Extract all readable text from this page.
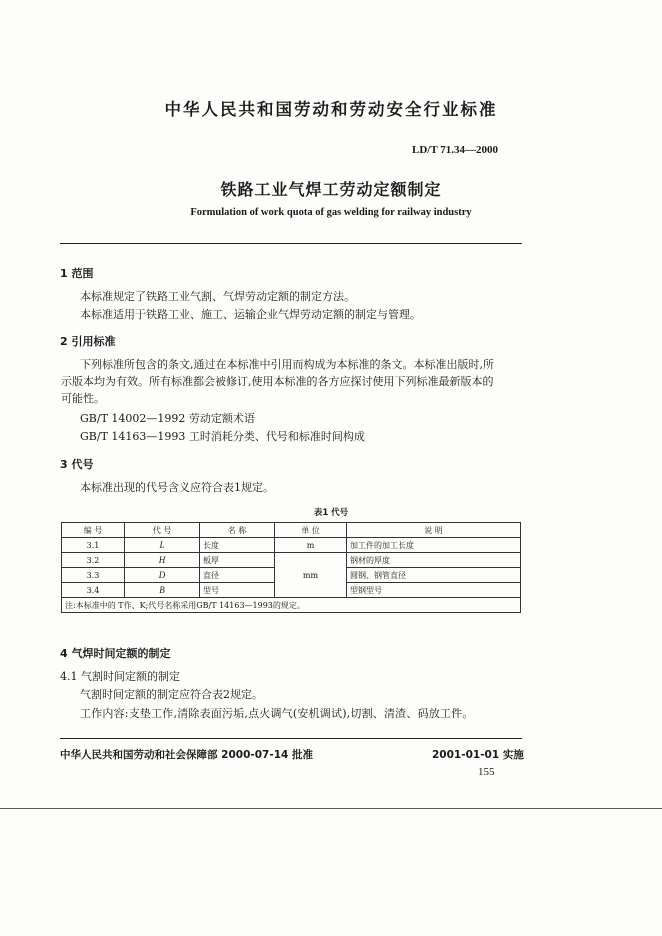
中华人民共和国劳动和劳动安全行业标准
LD/T 71.34—2000
铁路工业气焊工劳动定额制定
Formulation of work quota of gas welding for railway industry
1 范围
本标准规定了铁路工业气割、气焊劳动定额的制定方法。
本标准适用于铁路工业、施工、运输企业气焊劳动定额的制定与管理。
2 引用标准
下列标准所包含的条文,通过在本标准中引用而构成为本标准的条文。本标准出版时,所
示版本均为有效。所有标准都会被修订,使用本标准的各方应探讨使用下列标准最新版本的
可能性。
GB/T 14002—1992 劳动定额术语
GB/T 14163—1993 工时消耗分类、代号和标准时间构成
3 代号
本标准出现的代号含义应符合表1规定。
表1 代号
编 号	代 号	名 称	单 位	说 明
3.1	L	长度	m	加工件的加工长度
3.2	H	板厚	mm	钢材的厚度
3.3	D	直径		圆钢、钢管直径
3.4	B	型号		型钢型号
注:本标准中的 T作、K;代号名称采用GB/T 14163—1993的规定。				
4 气焊时间定额的制定
4.1 气割时间定额的制定
气割时间定额的制定应符合表2规定。
工作内容:支垫工作,清除表面污垢,点火调气(安机调试),切割、清渣、码放工件。
中华人民共和国劳动和社会保障部 2000-07-14 批准	2001-01-01 实施
155
